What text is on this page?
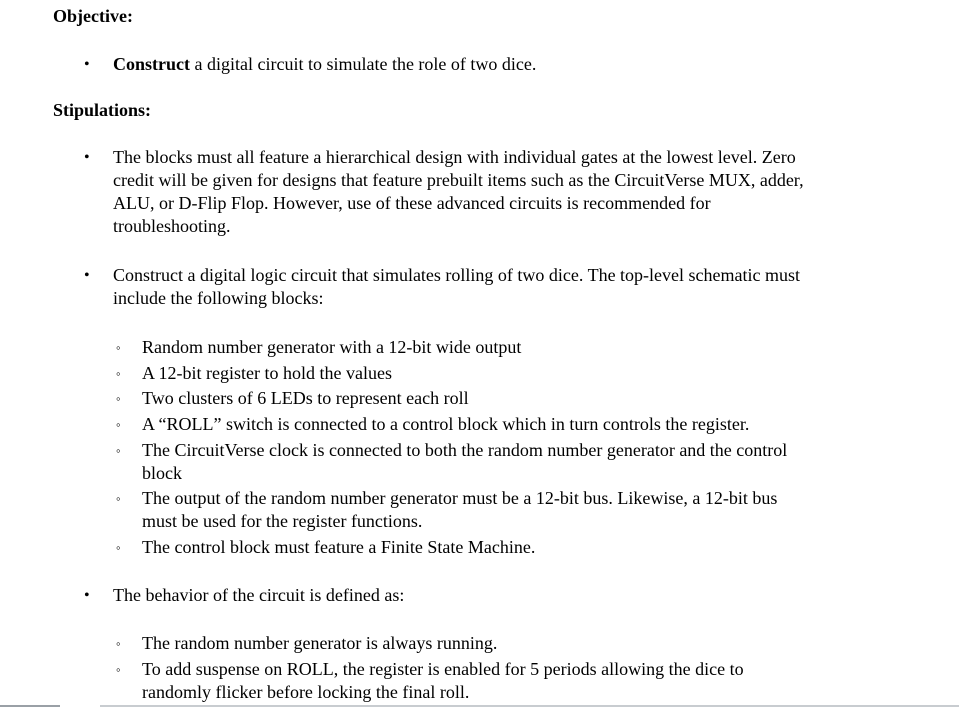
Objective:
• Construct a digital circuit to simulate the role of two dice.
Stipulations:
• The blocks must all feature a hierarchical design with individual gates at the lowest level. Zero
credit will be given for designs that feature prebuilt items such as the CircuitVerse MUX, adder,
ALU, or D-Flip Flop. However, use of these advanced circuits is recommended for
troubleshooting.
• Construct a digital logic circuit that simulates rolling of two dice. The top-level schematic must
include the following blocks:
◦ Random number generator with a 12-bit wide output
◦ A 12-bit register to hold the values
◦ Two clusters of 6 LEDs to represent each roll
◦ A “ROLL” switch is connected to a control block which in turn controls the register.
◦ The CircuitVerse clock is connected to both the random number generator and the control
block
◦ The output of the random number generator must be a 12-bit bus. Likewise, a 12-bit bus
must be used for the register functions.
◦ The control block must feature a Finite State Machine.
• The behavior of the circuit is defined as:
◦ The random number generator is always running.
◦ To add suspense on ROLL, the register is enabled for 5 periods allowing the dice to
randomly flicker before locking the final roll.
